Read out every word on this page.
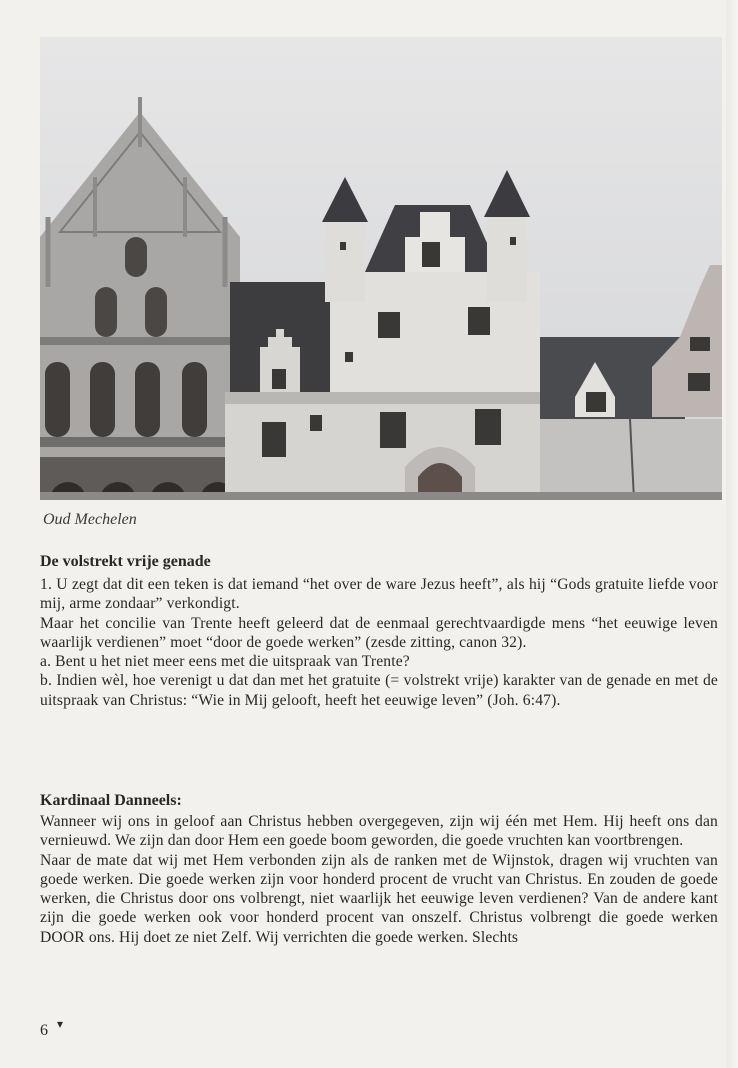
Oud Mechelen
De volstrekt vrije genade

1. U zegt dat dit een teken is dat iemand “het over de ware Jezus heeft”, als hij “Gods gratuite liefde voor mij, arme zondaar” verkondigt.

Maar het concilie van Trente heeft geleerd dat de eenmaal gerechtvaardigde mens “het eeuwige leven waarlijk verdienen” moet “door de goede werken” (zesde zitting, canon 32).

a. Bent u het niet meer eens met die uitspraak van Trente?

b. Indien wèl, hoe verenigt u dat dan met het gratuite (= volstrekt vrije) karakter van de genade en met de uitspraak van Christus: “Wie in Mij gelooft, heeft het eeuwige leven” (Joh. 6:47).

Kardinaal Danneels:

Wanneer wij ons in geloof aan Christus hebben overgegeven, zijn wij één met Hem. Hij heeft ons dan vernieuwd. We zijn dan door Hem een goede boom geworden, die goede vruchten kan voortbrengen.

Naar de mate dat wij met Hem verbonden zijn als de ranken met de Wijnstok, dragen wij vruchten van goede werken. Die goede werken zijn voor honderd procent de vrucht van Christus. En zouden de goede werken, die Christus door ons volbrengt, niet waarlijk het eeuwige leven verdienen? Van de andere kant zijn die goede werken ook voor honderd procent van onszelf. Christus volbrengt die goede werken DOOR ons. Hij doet ze niet Zelf. Wij verrichten die goede werken. Slechts

6 ▾
